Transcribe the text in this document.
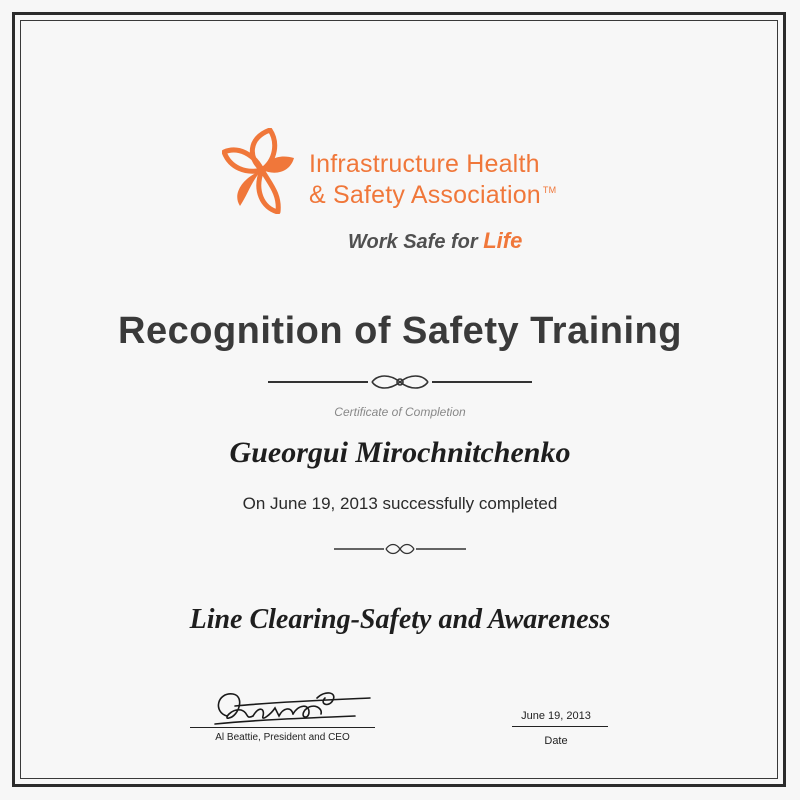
Infrastructure Health
& Safety Association ™
Work Safe for Life
Recognition of Safety Training
Certificate of Completion
Gueorgui Mirochnitchenko
On June 19, 2013 successfully completed
Line Clearing-Safety and Awareness
Al Beattie, President and CEO
June 19, 2013
Date
